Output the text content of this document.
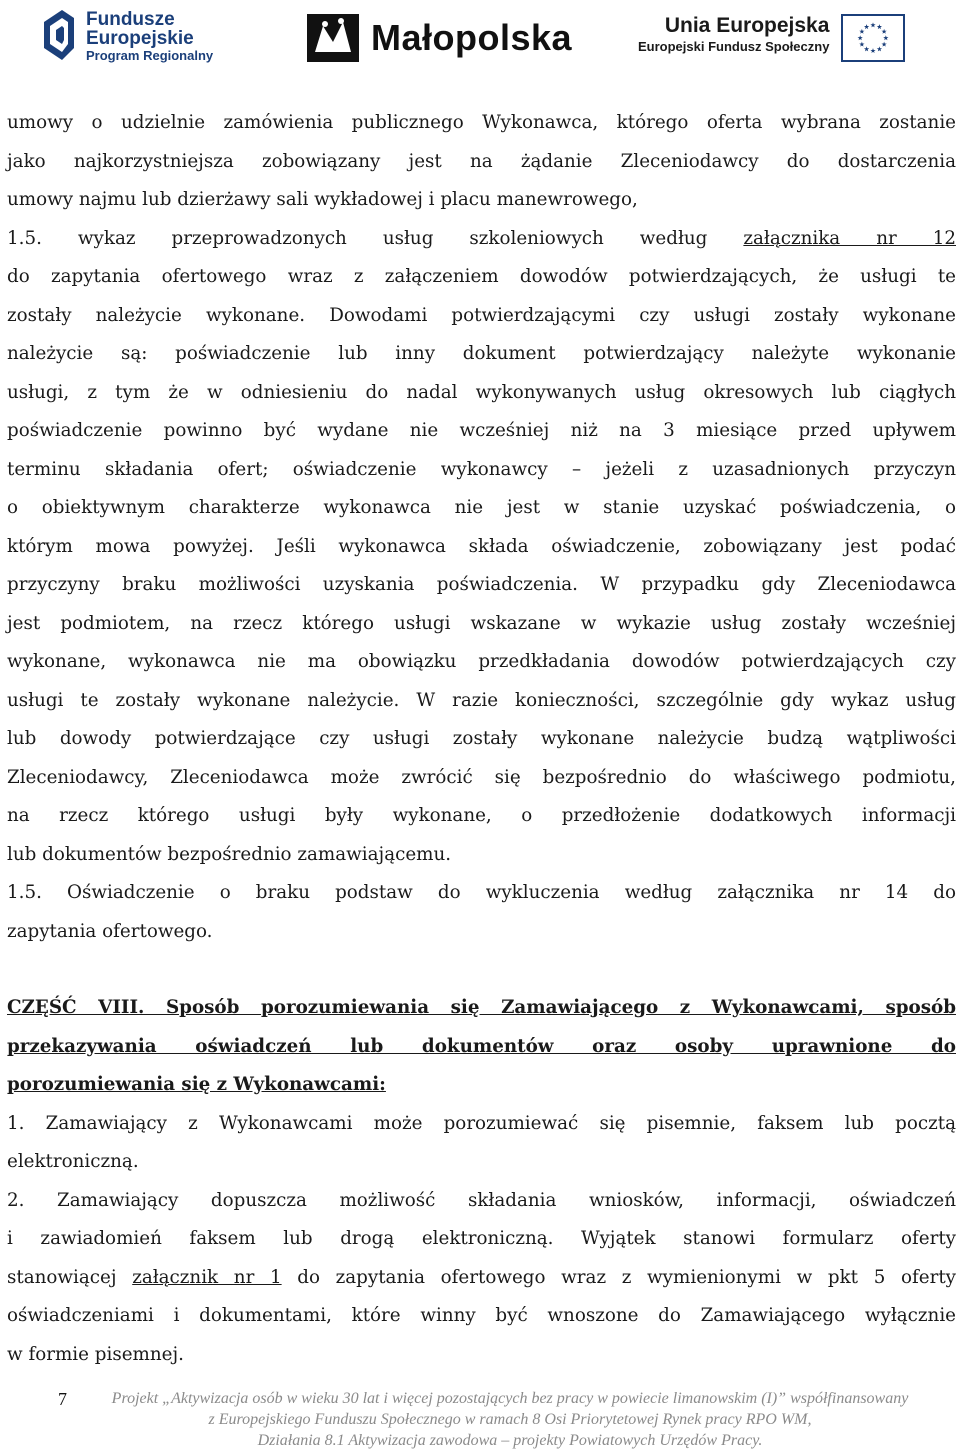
Fundusze
Europejskie
Program Regionalny	Małopolska	Unia Europejska
Europejski Fundusz Społeczny
umowy o udzielnie zamówienia publicznego Wykonawca, którego oferta wybrana zostanie
jako najkorzystniejsza zobowiązany jest na żądanie Zleceniodawcy do dostarczenia
umowy najmu lub dzierżawy sali wykładowej i placu manewrowego,
1.5. wykaz przeprowadzonych usług szkoleniowych według załącznika nr 12
do zapytania ofertowego wraz z załączeniem dowodów potwierdzających, że usługi te
zostały należycie wykonane. Dowodami potwierdzającymi czy usługi zostały wykonane
należycie są: poświadczenie lub inny dokument potwierdzający należyte wykonanie
usługi, z tym że w odniesieniu do nadal wykonywanych usług okresowych lub ciągłych
poświadczenie powinno być wydane nie wcześniej niż na 3 miesiące przed upływem
terminu składania ofert; oświadczenie wykonawcy – jeżeli z uzasadnionych przyczyn
o obiektywnym charakterze wykonawca nie jest w stanie uzyskać poświadczenia, o
którym mowa powyżej. Jeśli wykonawca składa oświadczenie, zobowiązany jest podać
przyczyny braku możliwości uzyskania poświadczenia. W przypadku gdy Zleceniodawca
jest podmiotem, na rzecz którego usługi wskazane w wykazie usług zostały wcześniej
wykonane, wykonawca nie ma obowiązku przedkładania dowodów potwierdzających czy
usługi te zostały wykonane należycie. W razie konieczności, szczególnie gdy wykaz usług
lub dowody potwierdzające czy usługi zostały wykonane należycie budzą wątpliwości
Zleceniodawcy, Zleceniodawca może zwrócić się bezpośrednio do właściwego podmiotu,
na rzecz którego usługi były wykonane, o przedłożenie dodatkowych informacji
lub dokumentów bezpośrednio zamawiającemu.
1.5. Oświadczenie o braku podstaw do wykluczenia według załącznika nr 14 do
zapytania ofertowego.
CZĘŚĆ VIII. Sposób porozumiewania się Zamawiającego z Wykonawcami, sposób
przekazywania oświadczeń lub dokumentów oraz osoby uprawnione do
porozumiewania się z Wykonawcami:
1. Zamawiający z Wykonawcami może porozumiewać się pisemnie, faksem lub pocztą
elektroniczną.
2. Zamawiający dopuszcza możliwość składania wniosków, informacji, oświadczeń
i zawiadomień faksem lub drogą elektroniczną. Wyjątek stanowi formularz oferty
stanowiącej załącznik nr 1 do zapytania ofertowego wraz z wymienionymi w pkt 5 oferty
oświadczeniami i dokumentami, które winny być wnoszone do Zamawiającego wyłącznie
w formie pisemnej.
7	Projekt „Aktywizacja osób w wieku 30 lat i więcej pozostających bez pracy w powiecie limanowskim (I)” współfinansowany
z Europejskiego Funduszu Społecznego w ramach 8 Osi Priorytetowej Rynek pracy RPO WM,
Działania 8.1 Aktywizacja zawodowa – projekty Powiatowych Urzędów Pracy.
